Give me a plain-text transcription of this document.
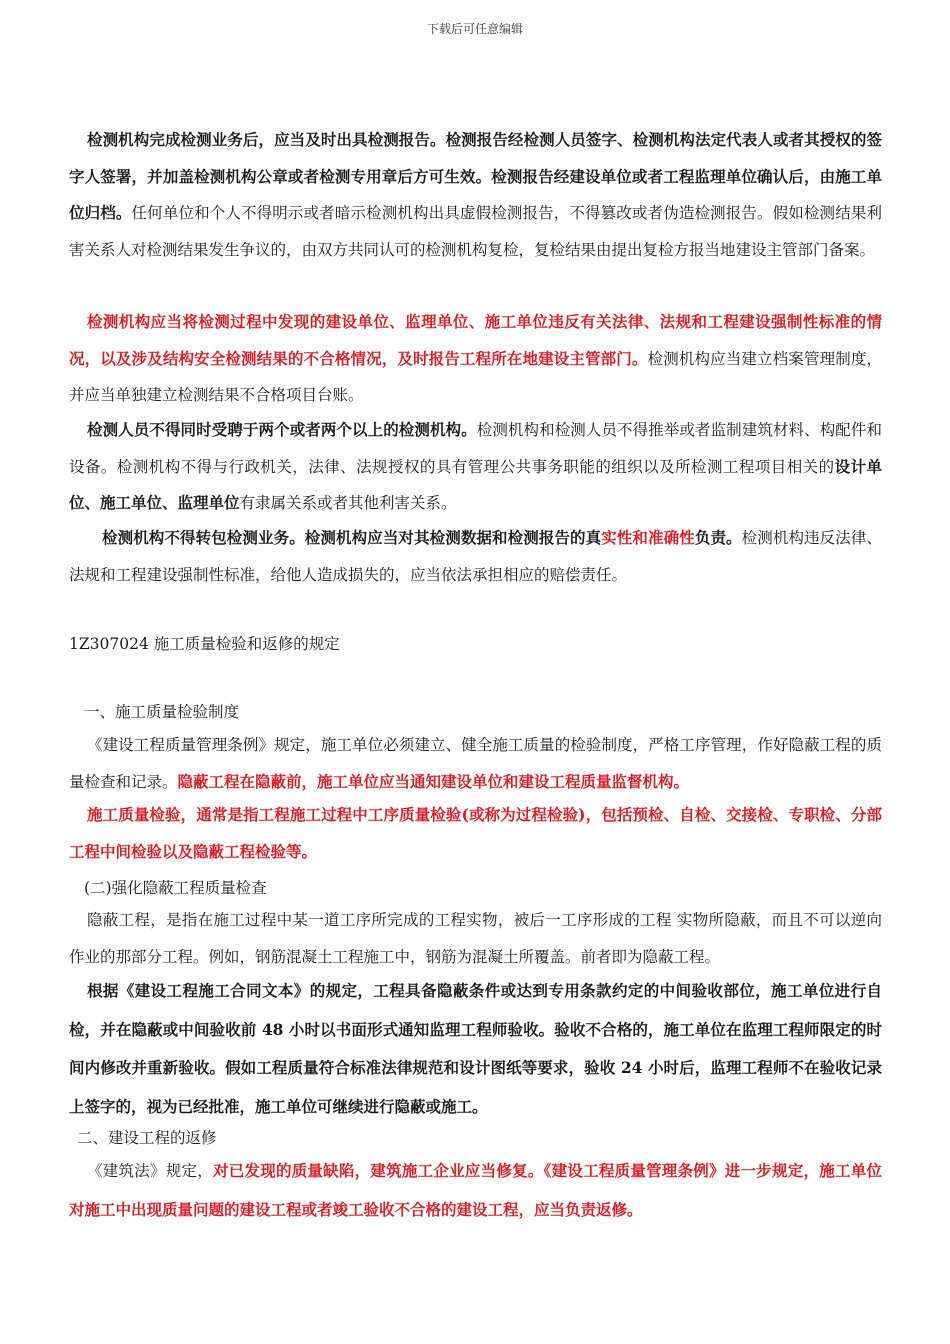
下载后可任意编辑

检测机构完成检测业务后，应当及时出具检测报告。检测报告经检测人员签字、检测机构法定代表人或者其授权的签字人签署，并加盖检测机构公章或者检测专用章后方可生效。检测报告经建设单位或者工程监理单位确认后，由施工单位归档。任何单位和个人不得明示或者暗示检测机构出具虚假检测报告，不得篡改或者伪造检测报告。假如检测结果利害关系人对检测结果发生争议的，由双方共同认可的检测机构复检，复检结果由提出复检方报当地建设主管部门备案。

检测机构应当将检测过程中发现的建设单位、监理单位、施工单位违反有关法律、法规和工程建设强制性标准的情况，以及涉及结构安全检测结果的不合格情况，及时报告工程所在地建设主管部门。检测机构应当建立档案管理制度，并应当单独建立检测结果不合格项目台账。

检测人员不得同时受聘于两个或者两个以上的检测机构。检测机构和检测人员不得推举或者监制建筑材料、构配件和设备。检测机构不得与行政机关，法律、法规授权的具有管理公共事务职能的组织以及所检测工程项目相关的设计单位、施工单位、监理单位有隶属关系或者其他利害关系。

检测机构不得转包检测业务。检测机构应当对其检测数据和检测报告的真实性和准确性负责。检测机构违反法律、法规和工程建设强制性标准，给他人造成损失的，应当依法承担相应的赔偿责任。

1Z307024 施工质量检验和返修的规定
一、施工质量检验制度

《建设工程质量管理条例》规定，施工单位必须建立、健全施工质量的检验制度，严格工序管理，作好隐蔽工程的质量检查和记录。隐蔽工程在隐蔽前，施工单位应当通知建设单位和建设工程质量监督机构。

施工质量检验，通常是指工程施工过程中工序质量检验(或称为过程检验)，包括预检、自检、交接检、专职检、分部工程中间检验以及隐蔽工程检验等。

(二)强化隐蔽工程质量检查

隐蔽工程，是指在施工过程中某一道工序所完成的工程实物，被后一工序形成的工程 实物所隐蔽，而且不可以逆向作业的那部分工程。例如，钢筋混凝土工程施工中，钢筋为混凝土所覆盖。前者即为隐蔽工程。

根据《建设工程施工合同文本》的规定，工程具备隐蔽条件或达到专用条款约定的中间验收部位，施工单位进行自检，并在隐蔽或中间验收前 48 小时以书面形式通知监理工程师验收。验收不合格的，施工单位在监理工程师限定的时间内修改并重新验收。假如工程质量符合标准法律规范和设计图纸等要求，验收 24 小时后，监理工程师不在验收记录上签字的，视为已经批准，施工单位可继续进行隐蔽或施工。

二、建设工程的返修

《建筑法》规定，对已发现的质量缺陷，建筑施工企业应当修复。《建设工程质量管理条例》进一步规定，施工单位对施工中出现质量问题的建设工程或者竣工验收不合格的建设工程，应当负责返修。
